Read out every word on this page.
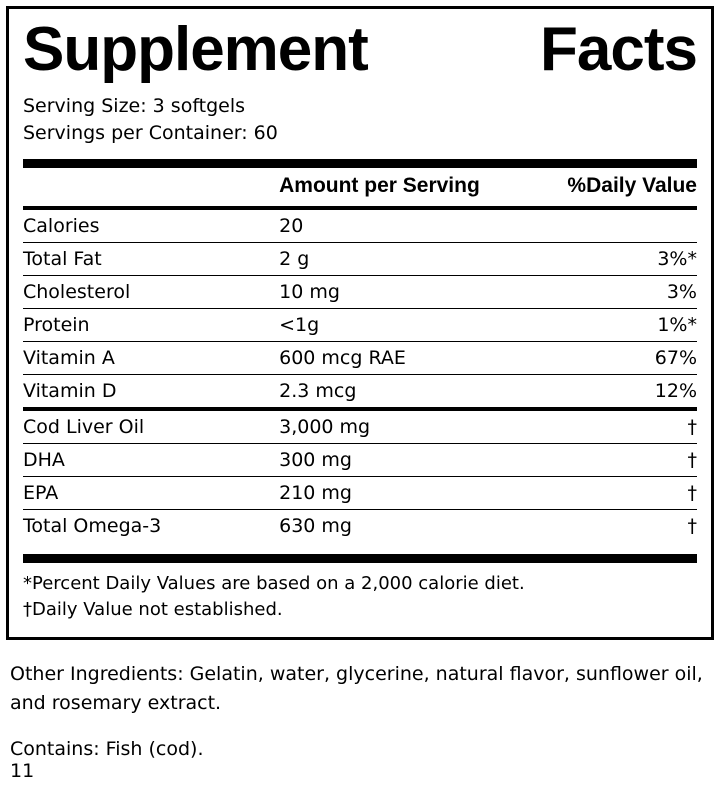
Supplement	Facts
Serving Size: 3 softgels
Servings per Container: 60
	Amount per Serving	%Daily Value
Calories	20	
Total Fat	2 g	3%*
Cholesterol	10 mg	3%
Protein	<1g	1%*
Vitamin A	600 mcg RAE	67%
Vitamin D	2.3 mcg	12%
Cod Liver Oil	3,000 mg	†
DHA	300 mg	†
EPA	210 mg	†
Total Omega-3	630 mg	†
*Percent Daily Values are based on a 2,000 calorie diet.
†Daily Value not established.

Other Ingredients: Gelatin, water, glycerine, natural flavor, sunflower oil, and rosemary extract.

Contains: Fish (cod).

11
